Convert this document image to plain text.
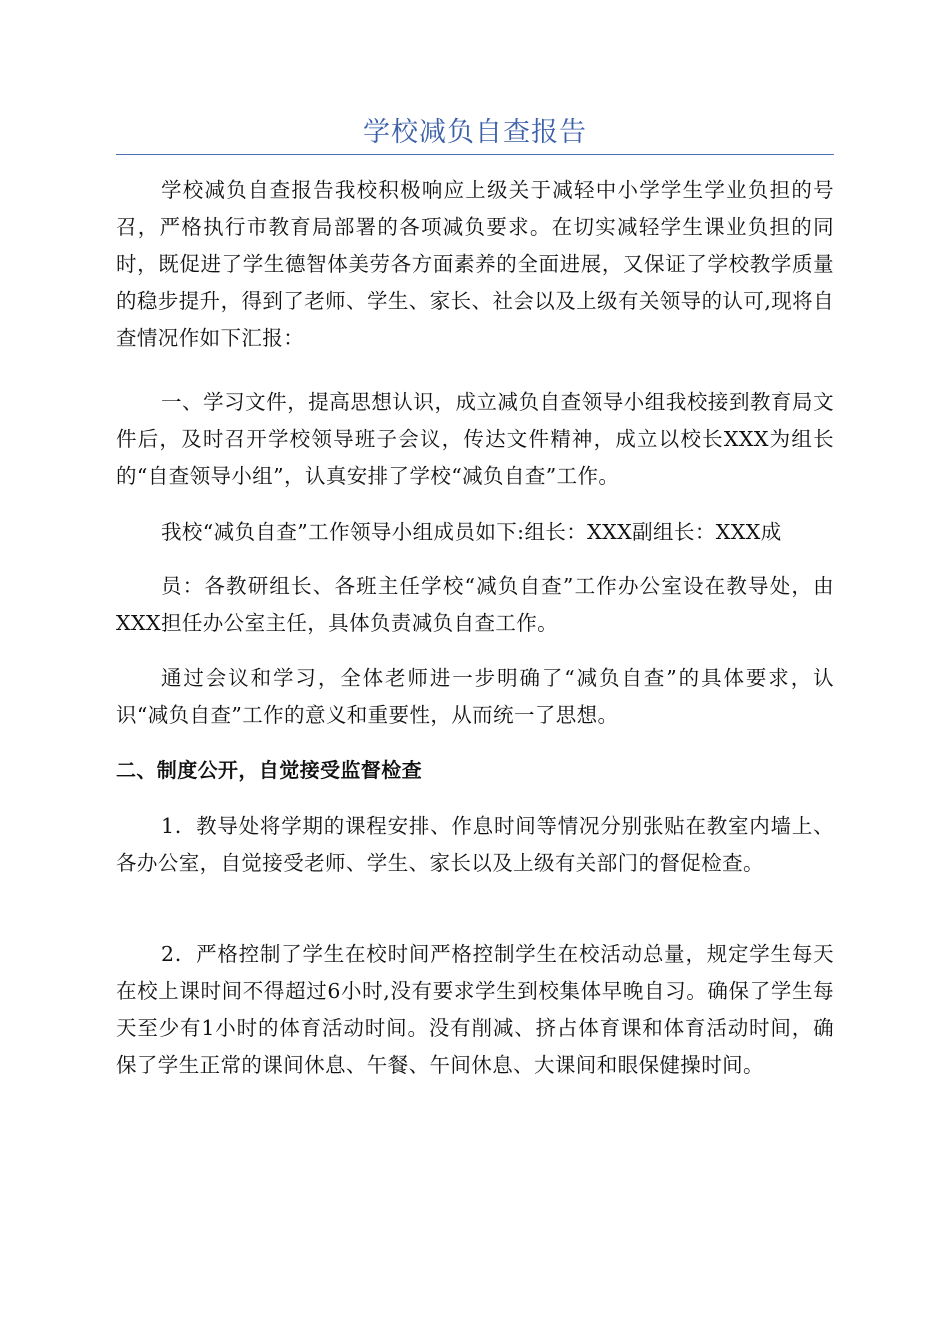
学校减负自查报告

学校减负自查报告我校积极响应上级关于减轻中小学学生学业负担的号召，严格执行市教育局部署的各项减负要求。在切实减轻学生课业负担的同时，既促进了学生德智体美劳各方面素养的全面进展，又保证了学校教学质量的稳步提升，得到了老师、学生、家长、社会以及上级有关领导的认可,现将自查情况作如下汇报：

一、学习文件，提高思想认识，成立减负自查领导小组我校接到教育局文件后，及时召开学校领导班子会议，传达文件精神，成立以校长XXX为组长的“自查领导小组”，认真安排了学校“减负自查”工作。

我校“减负自查”工作领导小组成员如下:组长：XXX副组长：XXX成

员：各教研组长、各班主任学校“减负自查”工作办公室设在教导处，由XXX担任办公室主任，具体负责减负自查工作。

通过会议和学习，全体老师进一步明确了“减负自查”的具体要求，认识“减负自查”工作的意义和重要性，从而统一了思想。

二、制度公开，自觉接受监督检查

1．教导处将学期的课程安排、作息时间等情况分别张贴在教室内墙上、各办公室，自觉接受老师、学生、家长以及上级有关部门的督促检查。

2．严格控制了学生在校时间严格控制学生在校活动总量，规定学生每天在校上课时间不得超过6小时,没有要求学生到校集体早晚自习。确保了学生每天至少有1小时的体育活动时间。没有削减、挤占体育课和体育活动时间，确保了学生正常的课间休息、午餐、午间休息、大课间和眼保健操时间。
